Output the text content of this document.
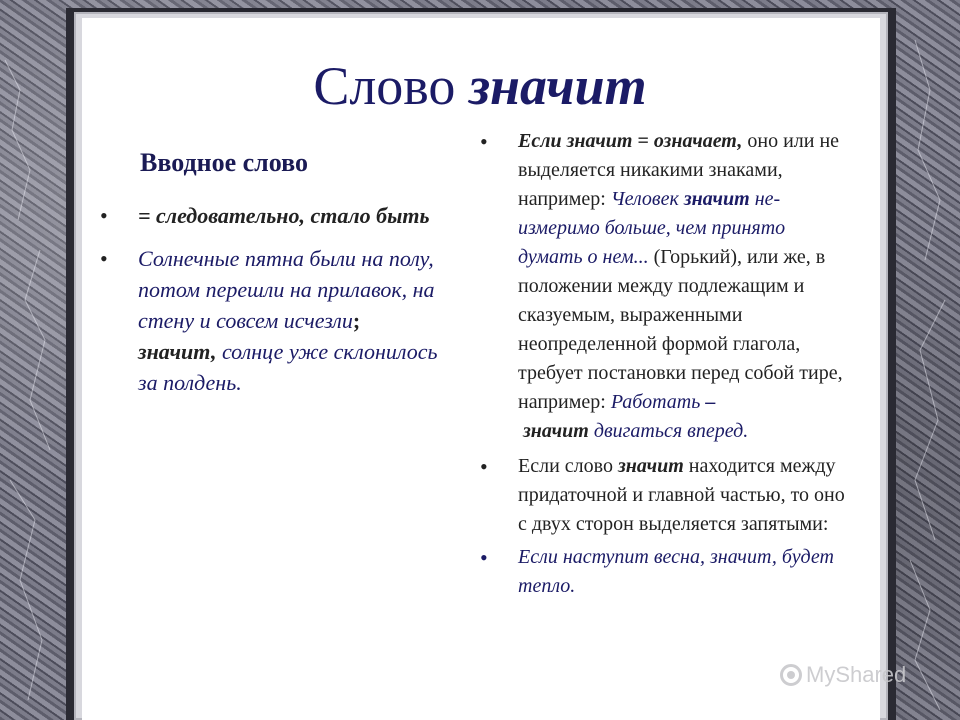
Слово значит
Вводное слово
• = следовательно, стало быть
• Солнечные пятна были на полу, потом перешли на прилавок, на стену и совсем исчезли;
значит, солнце уже склонилось за полдень.
• Если значит = означает, оно или не выделяется никакими знаками, например: Человек значит не-измеримо больше, чем принято думать о нем... (Горький), или же, в положении между подлежащим и сказуемым, выраженными неопределенной формой глагола, требует постановки перед собой тире, например: Работать –
значит двигаться вперед.
• Если слово значит находится между придаточной и главной частью, то оно с двух сторон выделяется запятыми:
• Если наступит весна, значит, будет тепло.
MyShared
